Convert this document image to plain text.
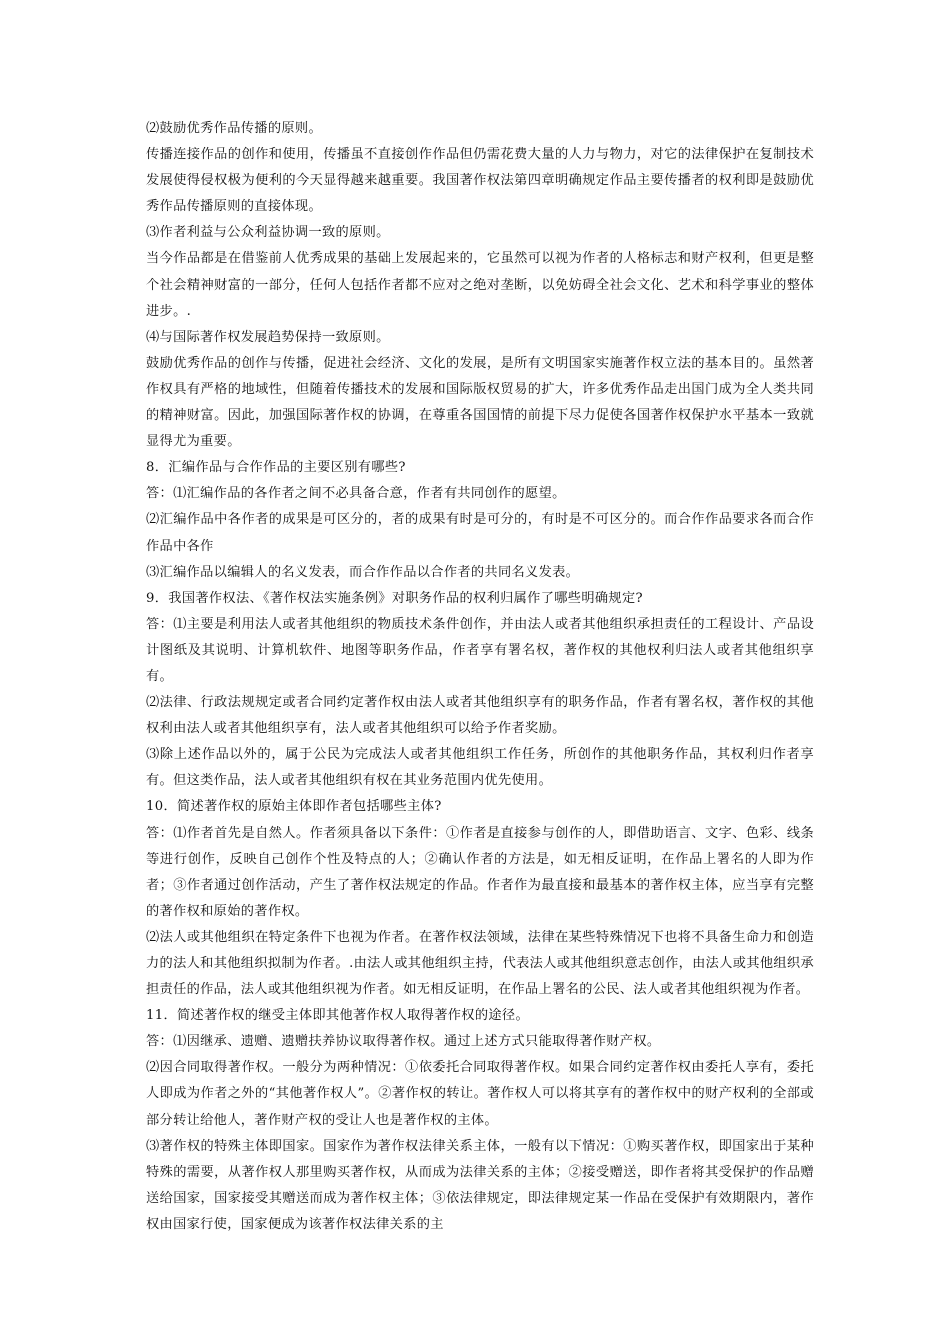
⑵鼓励优秀作品传播的原则。

传播连接作品的创作和使用，传播虽不直接创作作品但仍需花费大量的人力与物力，对它的法律保护在复制技术发展使得侵权极为便利的今天显得越来越重要。我国著作权法第四章明确规定作品主要传播者的权利即是鼓励优秀作品传播原则的直接体现。

⑶作者利益与公众利益协调一致的原则。

当今作品都是在借鉴前人优秀成果的基础上发展起来的，它虽然可以视为作者的人格标志和财产权利，但更是整个社会精神财富的一部分，任何人包括作者都不应对之绝对垄断，以免妨碍全社会文化、艺术和科学事业的整体进步。.

⑷与国际著作权发展趋势保持一致原则。

鼓励优秀作品的创作与传播，促进社会经济、文化的发展，是所有文明国家实施著作权立法的基本目的。虽然著作权具有严格的地域性，但随着传播技术的发展和国际版权贸易的扩大，许多优秀作品走出国门成为全人类共同的精神财富。因此，加强国际著作权的协调，在尊重各国国情的前提下尽力促使各国著作权保护水平基本一致就显得尤为重要。

8．汇编作品与合作作品的主要区别有哪些?

答：⑴汇编作品的各作者之间不必具备合意，作者有共同创作的愿望。

⑵汇编作品中各作者的成果是可区分的，者的成果有时是可分的，有时是不可区分的。而合作作品要求各而合作作品中各作

⑶汇编作品以编辑人的名义发表，而合作作品以合作者的共同名义发表。

9．我国著作权法、《著作权法实施条例》对职务作品的权利归属作了哪些明确规定?

答：⑴主要是利用法人或者其他组织的物质技术条件创作，并由法人或者其他组织承担责任的工程设计、产品设计图纸及其说明、计算机软件、地图等职务作品，作者享有署名权，著作权的其他权利归法人或者其他组织享有。

⑵法律、行政法规规定或者合同约定著作权由法人或者其他组织享有的职务作品，作者有署名权，著作权的其他权利由法人或者其他组织享有，法人或者其他组织可以给予作者奖励。

⑶除上述作品以外的，属于公民为完成法人或者其他组织工作任务，所创作的其他职务作品，其权利归作者享有。但这类作品，法人或者其他组织有权在其业务范围内优先使用。

10．简述著作权的原始主体即作者包括哪些主体?

答：⑴作者首先是自然人。作者须具备以下条件：①作者是直接参与创作的人，即借助语言、文字、色彩、线条等进行创作，反映自己创作个性及特点的人；②确认作者的方法是，如无相反证明，在作品上署名的人即为作者；③作者通过创作活动，产生了著作权法规定的作品。作者作为最直接和最基本的著作权主体，应当享有完整的著作权和原始的著作权。

⑵法人或其他组织在特定条件下也视为作者。在著作权法领域，法律在某些特殊情况下也将不具备生命力和创造力的法人和其他组织拟制为作者。.由法人或其他组织主持，代表法人或其他组织意志创作，由法人或其他组织承担责任的作品，法人或其他组织视为作者。如无相反证明，在作品上署名的公民、法人或者其他组织视为作者。

11．简述著作权的继受主体即其他著作权人取得著作权的途径。

答：⑴因继承、遗赠、遗赠扶养协议取得著作权。通过上述方式只能取得著作财产权。

⑵因合同取得著作权。一般分为两种情况：①依委托合同取得著作权。如果合同约定著作权由委托人享有，委托人即成为作者之外的“其他著作权人”。②著作权的转让。著作权人可以将其享有的著作权中的财产权利的全部或部分转让给他人，著作财产权的受让人也是著作权的主体。

⑶著作权的特殊主体即国家。国家作为著作权法律关系主体，一般有以下情况：①购买著作权，即国家出于某种特殊的需要，从著作权人那里购买著作权，从而成为法律关系的主体；②接受赠送，即作者将其受保护的作品赠送给国家，国家接受其赠送而成为著作权主体；③依法律规定，即法律规定某一作品在受保护有效期限内，著作权由国家行使，国家便成为该著作权法律关系的主
